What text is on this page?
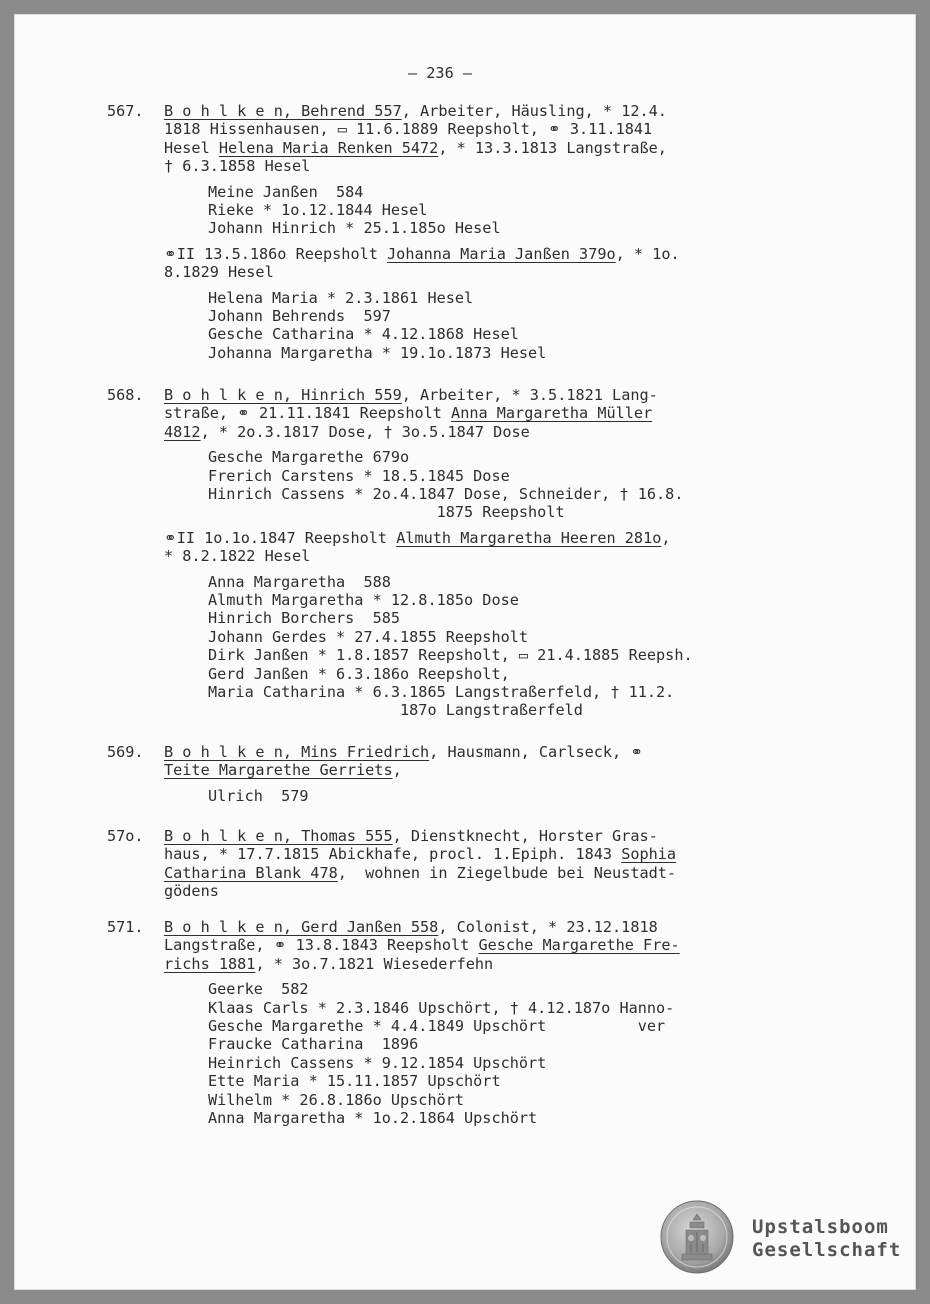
– 236 –
567. B o h l k e n, Behrend 557, Arbeiter, Häusling, * 12.4.
1818 Hissenhausen, ▭ 11.6.1889 Reepsholt, ⚭ 3.11.1841
Hesel Helena Maria Renken 5472, * 13.3.1813 Langstraße,
† 6.3.1858 Hesel
Meine Janßen  584
Rieke * 1o.12.1844 Hesel
Johann Hinrich * 25.1.185o Hesel
⚭II 13.5.186o Reepsholt Johanna Maria Janßen 379o, * 1o.
8.1829 Hesel
Helena Maria * 2.3.1861 Hesel
Johann Behrends  597
Gesche Catharina * 4.12.1868 Hesel
Johanna Margaretha * 19.1o.1873 Hesel
568. B o h l k e n, Hinrich 559, Arbeiter, * 3.5.1821 Lang-
straße, ⚭ 21.11.1841 Reepsholt Anna Margaretha Müller
4812, * 2o.3.1817 Dose, † 3o.5.1847 Dose
Gesche Margarethe 679o
Frerich Carstens * 18.5.1845 Dose
Hinrich Cassens * 2o.4.1847 Dose, Schneider, † 16.8.
1875 Reepsholt
⚭II 1o.1o.1847 Reepsholt Almuth Margaretha Heeren 281o,
* 8.2.1822 Hesel
Anna Margaretha  588
Almuth Margaretha * 12.8.185o Dose
Hinrich Borchers  585
Johann Gerdes * 27.4.1855 Reepsholt
Dirk Janßen * 1.8.1857 Reepsholt, ▭ 21.4.1885 Reepsh.
Gerd Janßen * 6.3.186o Reepsholt,
Maria Catharina * 6.3.1865 Langstraßerfeld, † 11.2.
187o Langstraßerfeld
569. B o h l k e n, Mins Friedrich, Hausmann, Carlseck, ⚭
Teite Margarethe Gerriets,
Ulrich  579
57o. B o h l k e n, Thomas 555, Dienstknecht, Horster Gras-
haus, * 17.7.1815 Abickhafe, procl. 1.Epiph. 1843 Sophia
Catharina Blank 478,  wohnen in Ziegelbude bei Neustadt-
gödens
571. B o h l k e n, Gerd Janßen 558, Colonist, * 23.12.1818
Langstraße, ⚭ 13.8.1843 Reepsholt Gesche Margarethe Fre-
richs 1881, * 3o.7.1821 Wiesederfehn
Geerke  582
Klaas Carls * 2.3.1846 Upschört, † 4.12.187o Hanno-
Gesche Margarethe * 4.4.1849 Upschört          ver
Fraucke Catharina  1896
Heinrich Cassens * 9.12.1854 Upschört
Ette Maria * 15.11.1857 Upschört
Wilhelm * 26.8.186o Upschört
Anna Margaretha * 1o.2.1864 Upschört
Upstalsboom
Gesellschaft
